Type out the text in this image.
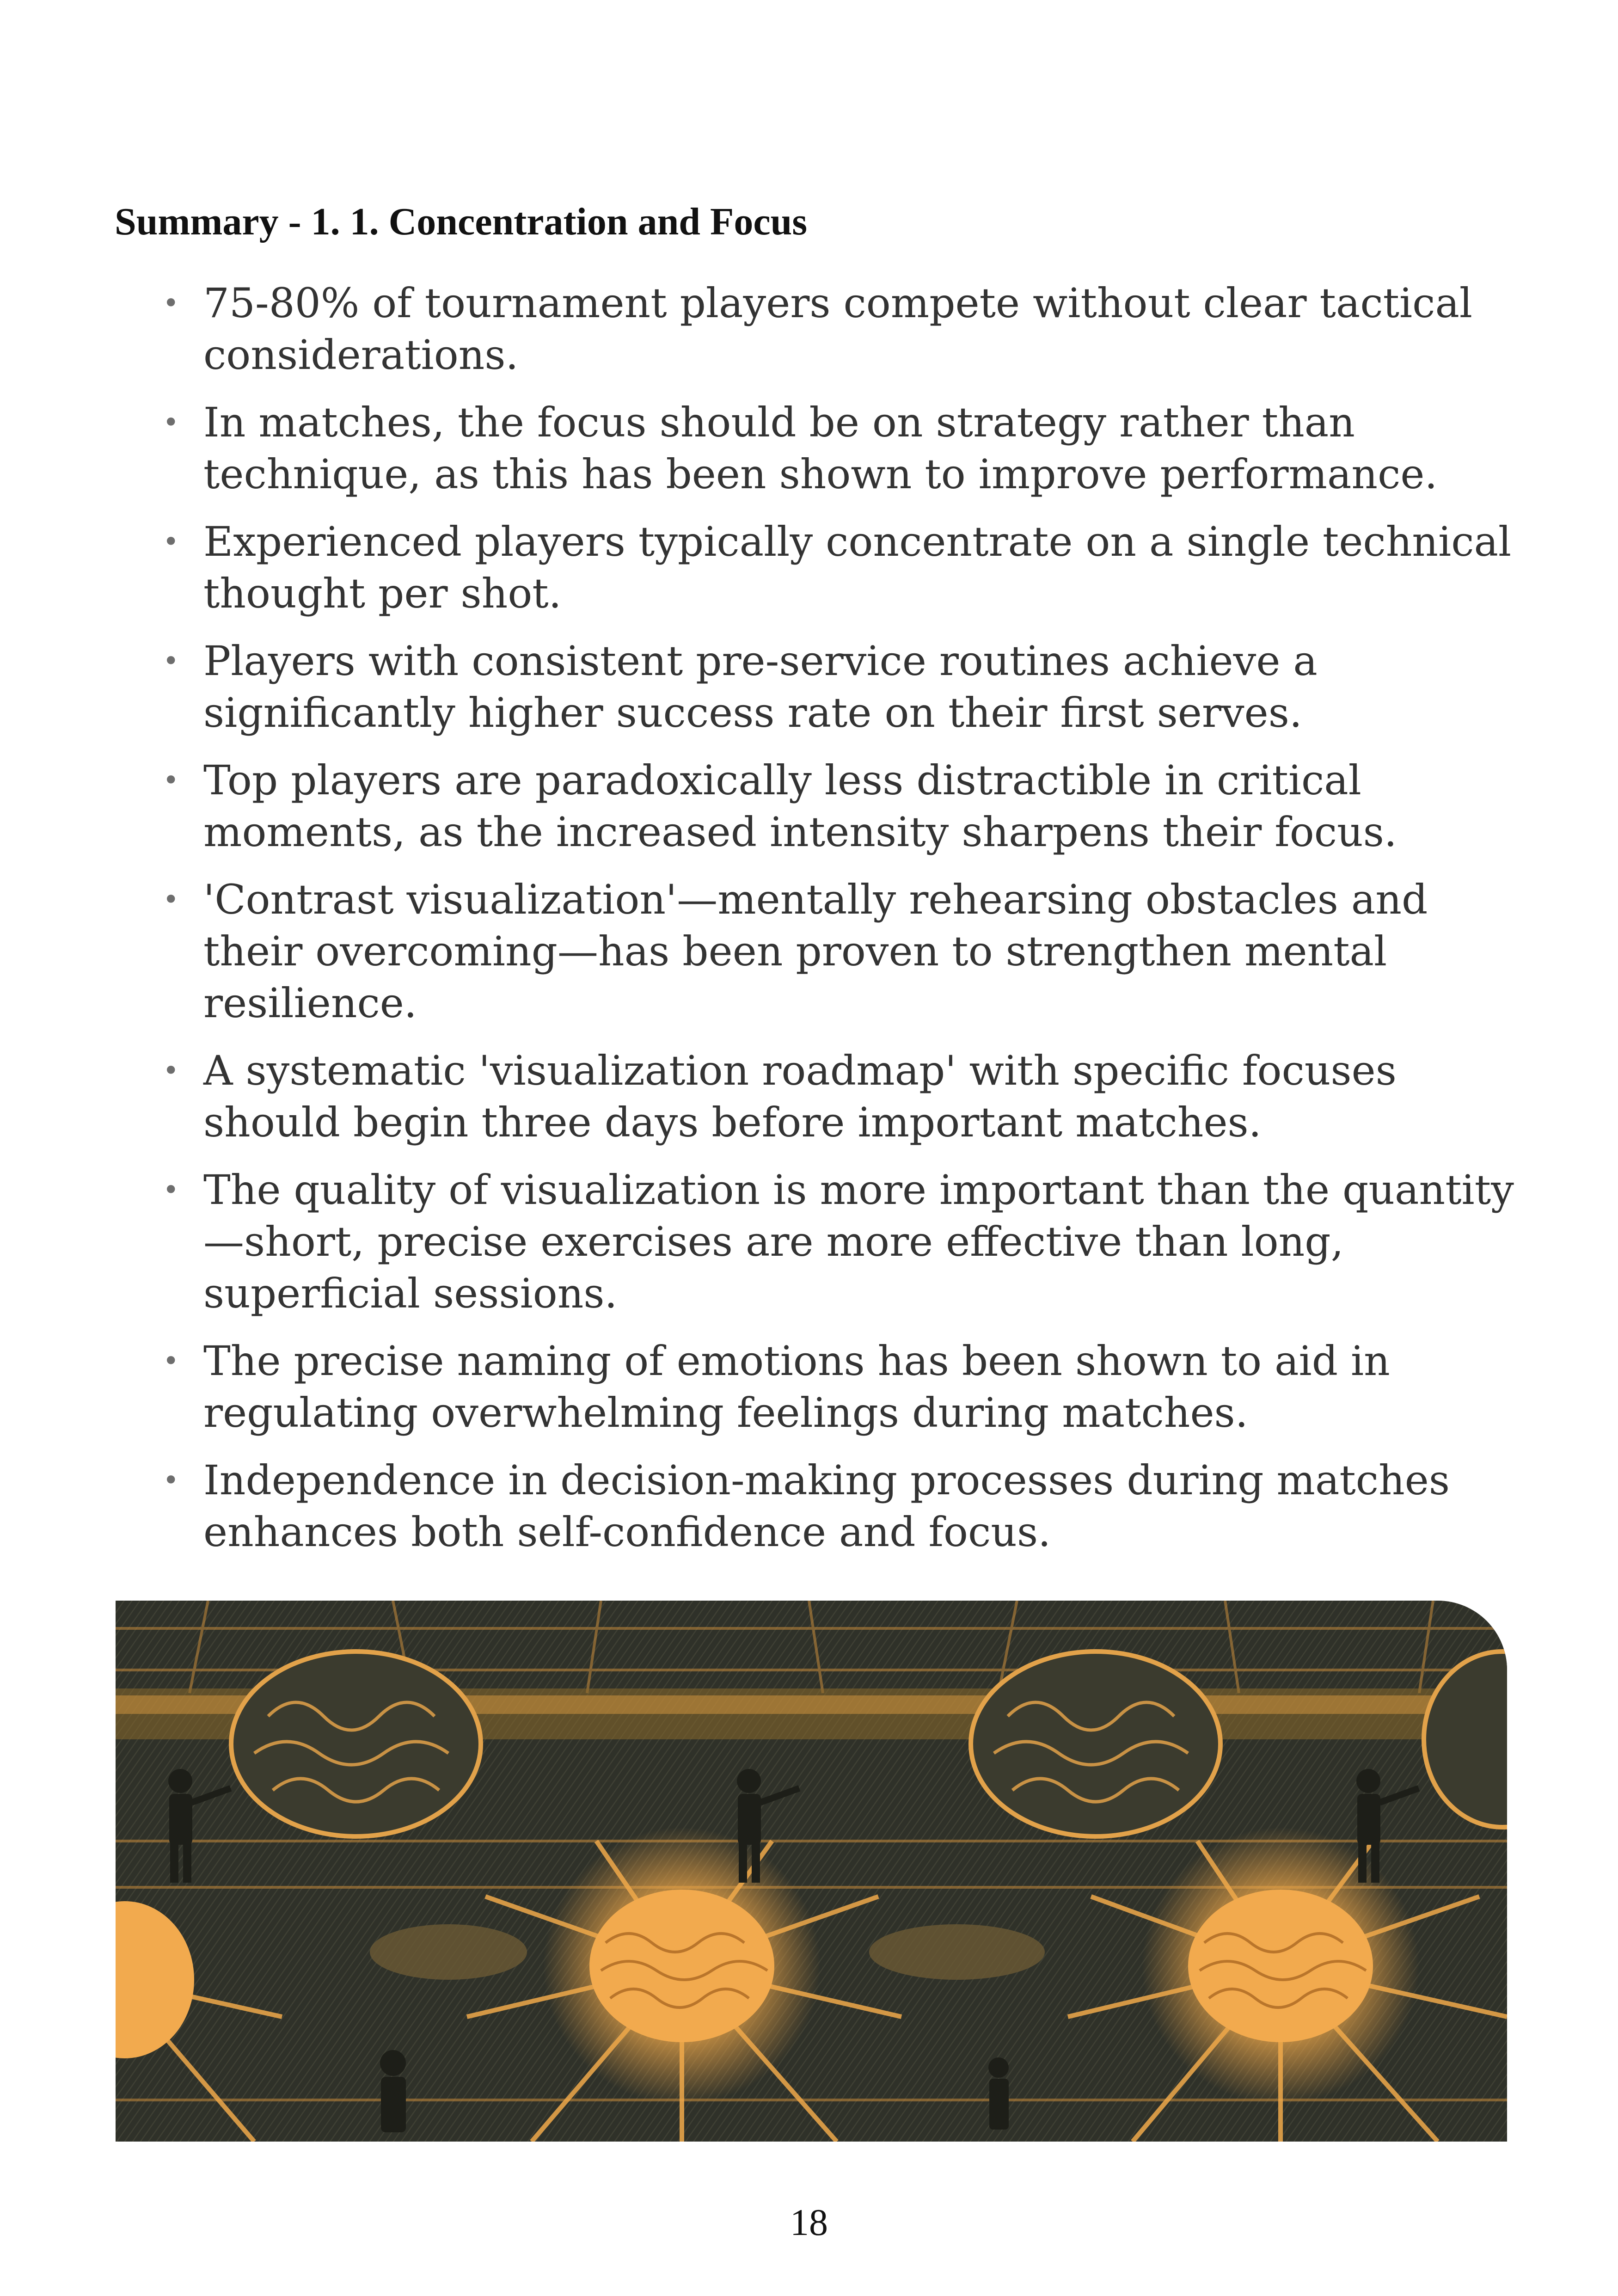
Summary - 1. 1. Concentration and Focus
• 75-80% of tournament players compete without clear tactical considerations.
• In matches, the focus should be on strategy rather than technique, as this has been shown to improve performance.
• Experienced players typically concentrate on a single technical thought per shot.
• Players with consistent pre-service routines achieve a significantly higher success rate on their first serves.
• Top players are paradoxically less distractible in critical moments, as the increased intensity sharpens their focus.
• 'Contrast visualization'—mentally rehearsing obstacles and their overcoming—has been proven to strengthen mental resilience.
• A systematic 'visualization roadmap' with specific focuses should begin three days before important matches.
• The quality of visualization is more important than the quantity—short, precise exercises are more effective than long, superficial sessions.
• The precise naming of emotions has been shown to aid in regulating overwhelming feelings during matches.
• Independence in decision-making processes during matches enhances both self-confidence and focus.
18
